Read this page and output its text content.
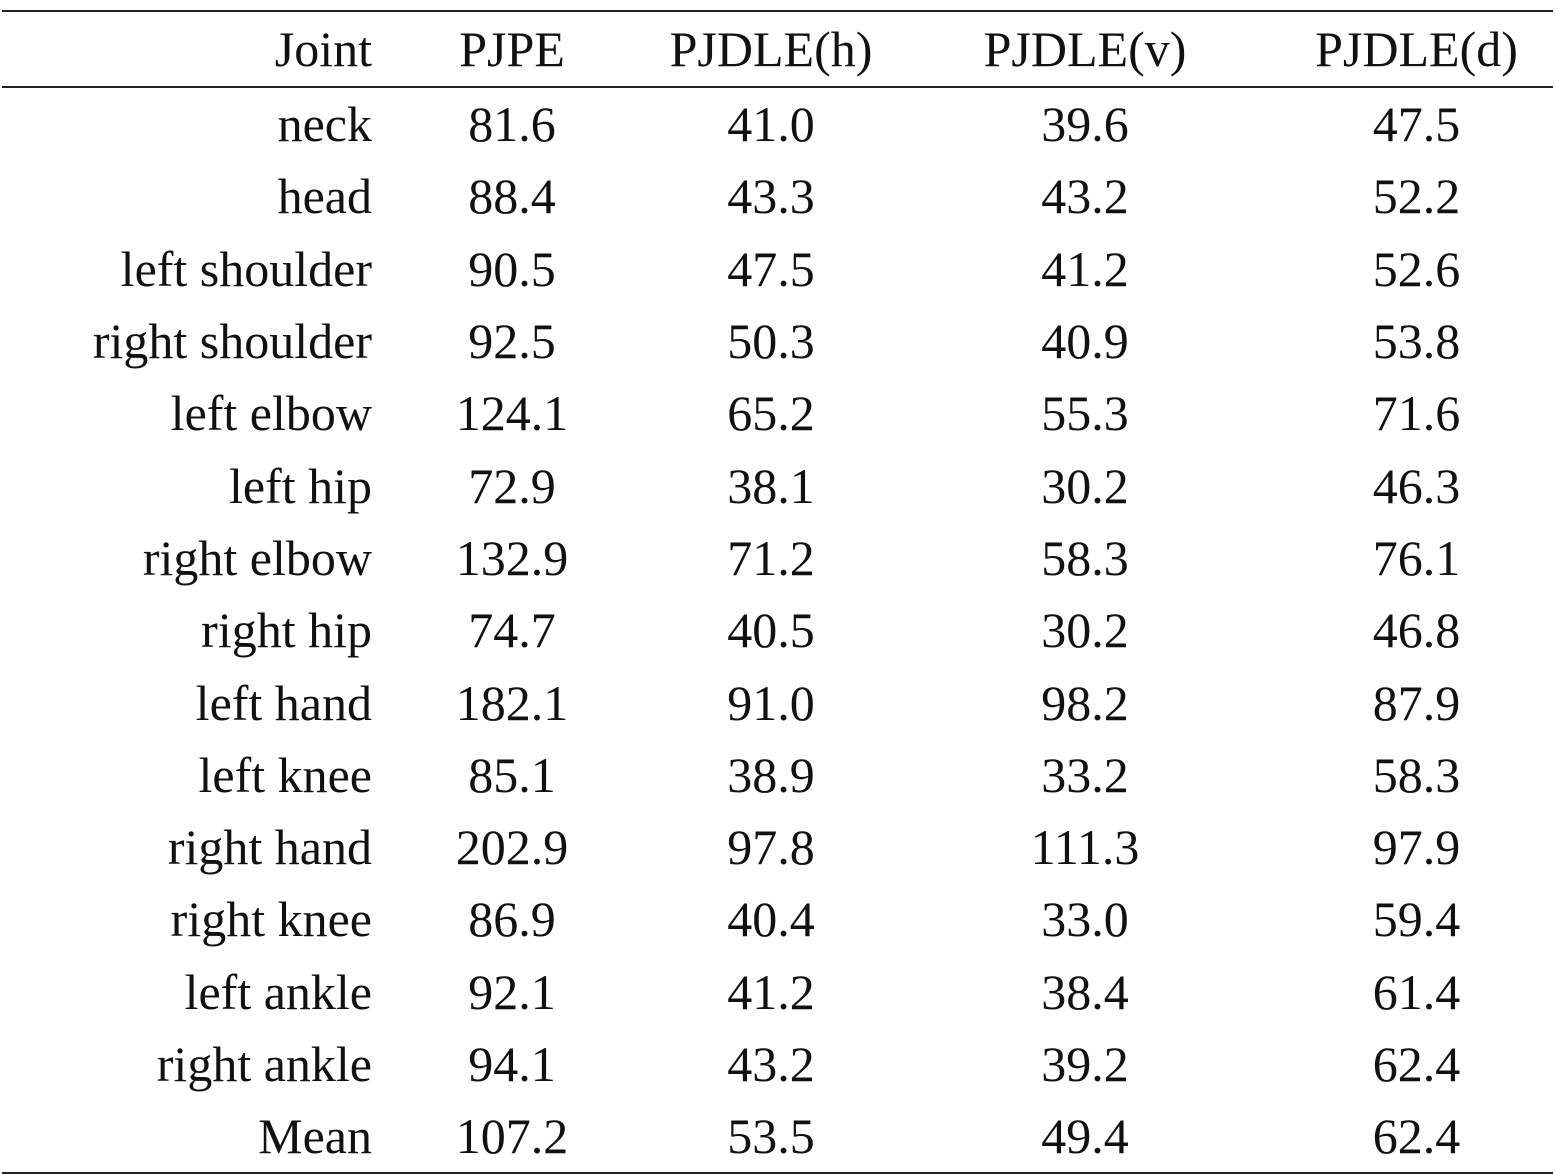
Joint	PJPE	PJDLE(h)	PJDLE(v)	PJDLE(d)
neck	81.6	41.0	39.6	47.5
head	88.4	43.3	43.2	52.2
left shoulder	90.5	47.5	41.2	52.6
right shoulder	92.5	50.3	40.9	53.8
left elbow	124.1	65.2	55.3	71.6
left hip	72.9	38.1	30.2	46.3
right elbow	132.9	71.2	58.3	76.1
right hip	74.7	40.5	30.2	46.8
left hand	182.1	91.0	98.2	87.9
left knee	85.1	38.9	33.2	58.3
right hand	202.9	97.8	111.3	97.9
right knee	86.9	40.4	33.0	59.4
left ankle	92.1	41.2	38.4	61.4
right ankle	94.1	43.2	39.2	62.4
Mean	107.2	53.5	49.4	62.4
